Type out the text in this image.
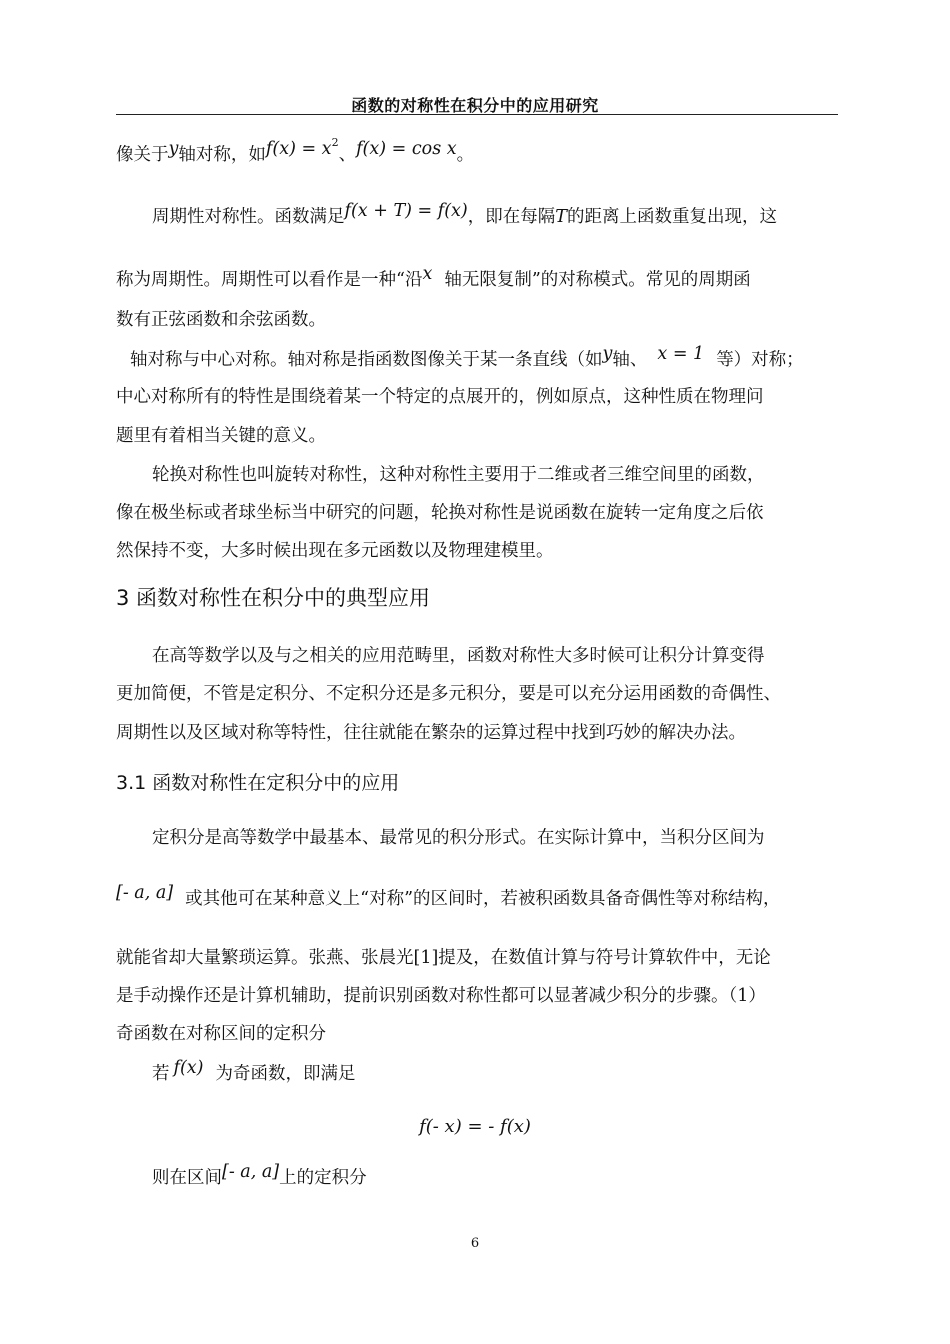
函数的对称性在积分中的应用研究
像关于y轴对称，如$f(x) = x^2$、f(x) = cos x。
周期性对称性。函数满足f(x + T) = f(x)，即在每隔T的距离上函数重复出现，这
称为周期性。周期性可以看作是一种“沿x 轴无限复制”的对称模式。常见的周期函
数有正弦函数和余弦函数。
轴对称与中心对称。轴对称是指函数图像关于某一条直线（如y轴、 x = 1 等）对称；
中心对称所有的特性是围绕着某一个特定的点展开的，例如原点，这种性质在物理问
题里有着相当关键的意义。
轮换对称性也叫旋转对称性，这种对称性主要用于二维或者三维空间里的函数，
像在极坐标或者球坐标当中研究的问题，轮换对称性是说函数在旋转一定角度之后依
然保持不变，大多时候出现在多元函数以及物理建模里。
3 函数对称性在积分中的典型应用
在高等数学以及与之相关的应用范畴里，函数对称性大多时候可让积分计算变得
更加简便，不管是定积分、不定积分还是多元积分，要是可以充分运用函数的奇偶性、
周期性以及区域对称等特性，往往就能在繁杂的运算过程中找到巧妙的解决办法。
3.1 函数对称性在定积分中的应用
定积分是高等数学中最基本、最常见的积分形式。在实际计算中，当积分区间为
[- a, a] 或其他可在某种意义上“对称”的区间时，若被积函数具备奇偶性等对称结构，
就能省却大量繁琐运算。张燕、张晨光[1]提及，在数值计算与符号计算软件中，无论
是手动操作还是计算机辅助，提前识别函数对称性都可以显著减少积分的步骤。（1）
奇函数在对称区间的定积分
若 f(x) 为奇函数，即满足
f(- x) = - f(x)
则在区间[- a, a]上的定积分
6
